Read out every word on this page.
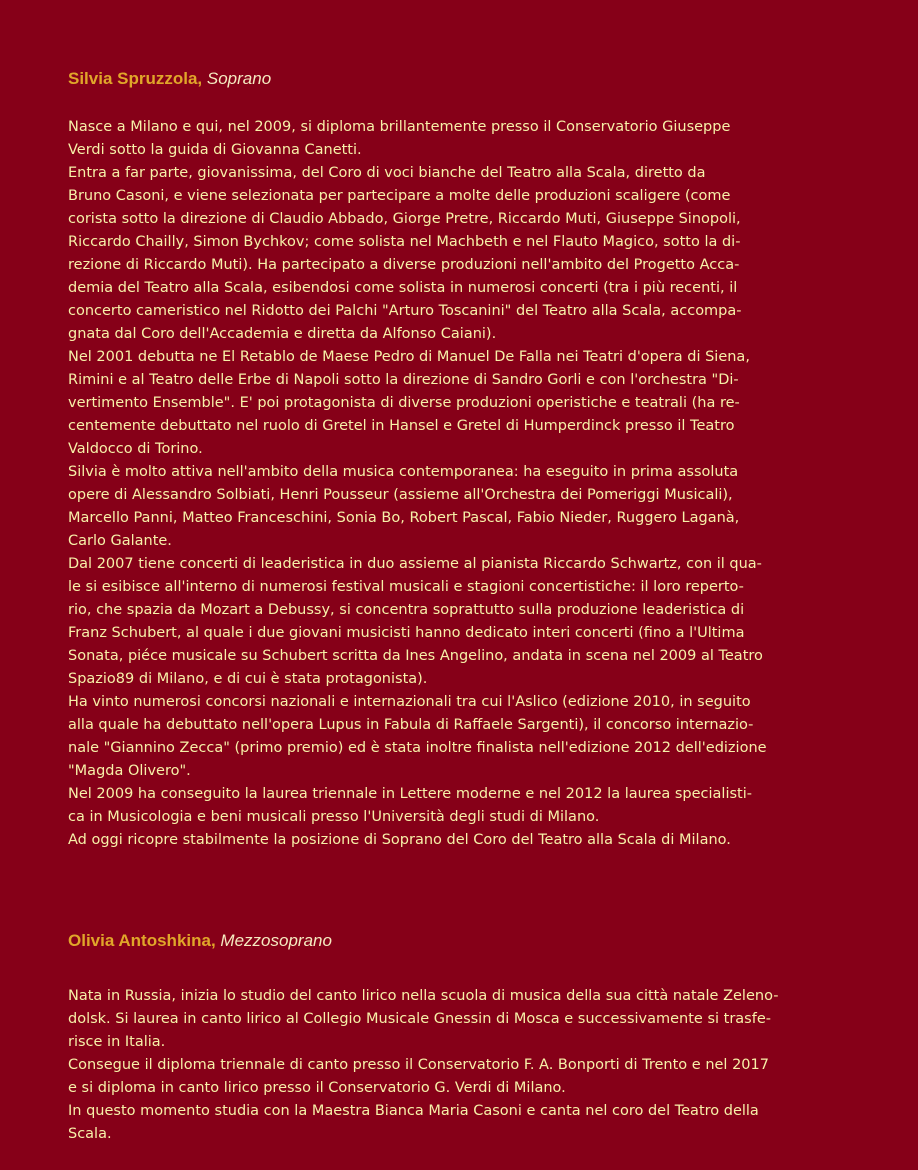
Silvia Spruzzola, Soprano
Nasce a Milano e qui, nel 2009, si diploma brillantemente presso il Conservatorio Giuseppe
Verdi sotto la guida di Giovanna Canetti.
Entra a far parte, giovanissima, del Coro di voci bianche del Teatro alla Scala, diretto da
Bruno Casoni, e viene selezionata per partecipare a molte delle produzioni scaligere (come
corista sotto la direzione di Claudio Abbado, Giorge Pretre, Riccardo Muti, Giuseppe Sinopoli,
Riccardo Chailly, Simon Bychkov; come solista nel Machbeth e nel Flauto Magico, sotto la di-
rezione di Riccardo Muti). Ha partecipato a diverse produzioni nell'ambito del Progetto Acca-
demia del Teatro alla Scala, esibendosi come solista in numerosi concerti (tra i più recenti, il
concerto cameristico nel Ridotto dei Palchi "Arturo Toscanini" del Teatro alla Scala, accompa-
gnata dal Coro dell'Accademia e diretta da Alfonso Caiani).
Nel 2001 debutta ne El Retablo de Maese Pedro di Manuel De Falla nei Teatri d'opera di Siena,
Rimini e al Teatro delle Erbe di Napoli sotto la direzione di Sandro Gorli e con l'orchestra "Di-
vertimento Ensemble". E' poi protagonista di diverse produzioni operistiche e teatrali (ha re-
centemente debuttato nel ruolo di Gretel in Hansel e Gretel di Humperdinck presso il Teatro
Valdocco di Torino.
Silvia è molto attiva nell'ambito della musica contemporanea: ha eseguito in prima assoluta
opere di Alessandro Solbiati, Henri Pousseur (assieme all'Orchestra dei Pomeriggi Musicali),
Marcello Panni, Matteo Franceschini, Sonia Bo, Robert Pascal, Fabio Nieder, Ruggero Laganà,
Carlo Galante.
Dal 2007 tiene concerti di leaderistica in duo assieme al pianista Riccardo Schwartz, con il qua-
le si esibisce all'interno di numerosi festival musicali e stagioni concertistiche: il loro reperto-
rio, che spazia da Mozart a Debussy, si concentra soprattutto sulla produzione leaderistica di
Franz Schubert, al quale i due giovani musicisti hanno dedicato interi concerti (fino a l'Ultima
Sonata, piéce musicale su Schubert scritta da Ines Angelino, andata in scena nel 2009 al Teatro
Spazio89 di Milano, e di cui è stata protagonista).
Ha vinto numerosi concorsi nazionali e internazionali tra cui l'Aslico (edizione 2010, in seguito
alla quale ha debuttato nell'opera Lupus in Fabula di Raffaele Sargenti), il concorso internazio-
nale "Giannino Zecca" (primo premio) ed è stata inoltre finalista nell'edizione 2012 dell'edizione
"Magda Olivero".
Nel 2009 ha conseguito la laurea triennale in Lettere moderne e nel 2012 la laurea specialisti-
ca in Musicologia e beni musicali presso l'Università degli studi di Milano.
Ad oggi ricopre stabilmente la posizione di Soprano del Coro del Teatro alla Scala di Milano.
Olivia Antoshkina, Mezzosoprano
Nata in Russia, inizia lo studio del canto lirico nella scuola di musica della sua città natale Zeleno-
dolsk. Si laurea in canto lirico al Collegio Musicale Gnessin di Mosca e successivamente si trasfe-
risce in Italia.
Consegue il diploma triennale di canto presso il Conservatorio F. A. Bonporti di Trento e nel 2017
e si diploma in canto lirico presso il Conservatorio G. Verdi di Milano.
In questo momento studia con la Maestra Bianca Maria Casoni e canta nel coro del Teatro della
Scala.
